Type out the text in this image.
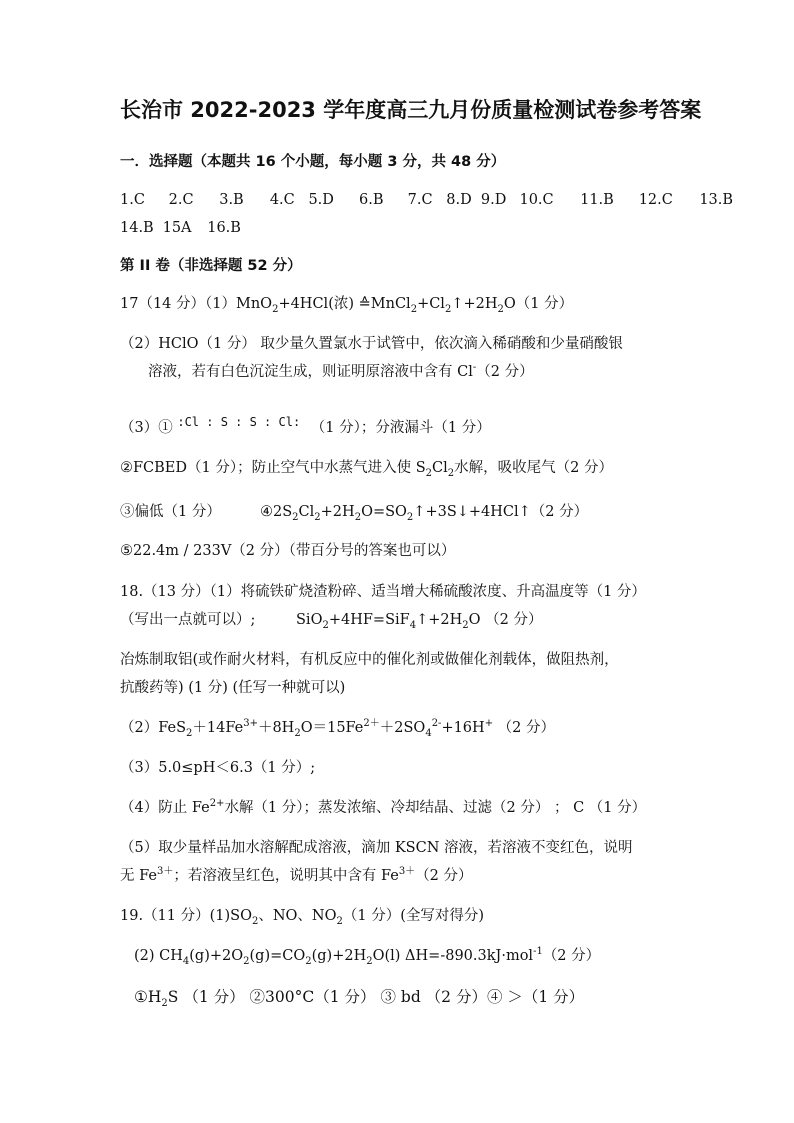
长治市 2022-2023 学年度高三九月份质量检测试卷参考答案
一．选择题（本题共 16 个小题，每小题 3 分，共 48 分）
1.C 2.C 3.B 4.C 5.D 6.B 7.C 8.D 9.D 10.C 11.B 12.C 13.B
14.B 15A 16.B
第 II 卷（非选择题 52 分）
17（14 分）（1）MnO$_2$+4HCl(浓) $≙MnCl_2+Cl_2↑+2H_2O(1$ 分）
（2）HClO（1 分） 取少量久置氯水于试管中，依次滴入稀硝酸和少量硝酸银
溶液，若有白色沉淀生成，则证明原溶液中含有 Cl-（2 分）
（3）① :Cl : S : S : Cl: （1 分）；分液漏斗（1 分）
②FCBED（1 分）；防止空气中水蒸气进入使 $S_2Cl_2$水解，吸收尾气（2 分）
③偏低（1 分）	$④2S_2Cl_2+2H_2O=SO_2↑+3S↓+4HCl↑(2$ 分）
⑤22.4m / 233V（2 分）（带百分号的答案也可以）
18.（13 分）（1）将硫铁矿烧渣粉碎、适当增大稀硫酸浓度、升高温度等（1 分）
（写出一点就可以）;	$SiO_2+4HF=SiF_4↑+2H_2O$ （2 分）
冶炼制取铝(或作耐火材料，有机反应中的催化剂或做催化剂载体，做阻热剂，
抗酸药等) (1 分) (任写一种就可以)
$(2)FeS_2+14Fe^{3+}+8H_2O=15Fe^{2+}+2SO_4^{2-}+16H^+$ （2 分）
（3）5.0≤pH＜6.3（1 分）;
（4）防止 $Fe^{2+}$水解（1 分）；蒸发浓缩、冷却结晶、过滤（2 分） ； C （1 分）
（5）取少量样品加水溶解配成溶液，滴加 KSCN 溶液，若溶液不变红色，说明
无 $Fe^{3+}$；若溶液呈红色，说明其中含有 $Fe^{3+}(2$ 分）
19.（11 分）$(1)SO_2$、NO、$NO_2(1$ 分）(全写对得分)
(2) $CH_4(g)+2O_2(g)=CO_2(g)+2H_2O(l)$ ΔH=-890.3kJ·mol$^{-1}$（2 分）
$①H_2S$ （1 分） ②300°C（1 分） ③ bd （2 分）④ ＞（1 分）
